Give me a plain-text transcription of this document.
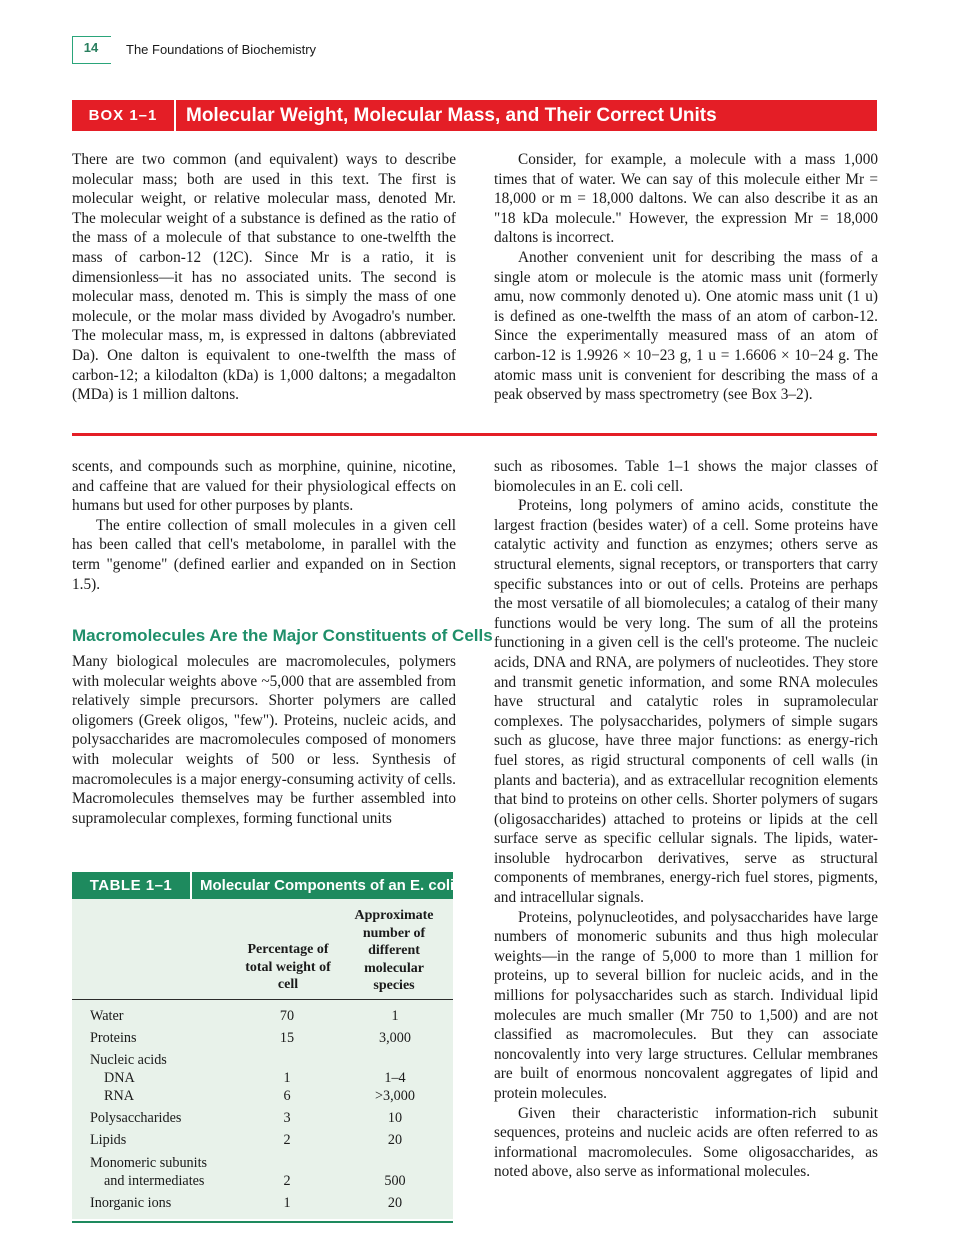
14	The Foundations of Biochemistry
BOX 1–1	Molecular Weight, Molecular Mass, and Their Correct Units

There are two common (and equivalent) ways to describe molecular mass; both are used in this text. The first is molecular weight, or relative molecular mass, denoted Mr. The molecular weight of a substance is defined as the ratio of the mass of a molecule of that substance to one-twelfth the mass of carbon-12 (12C). Since Mr is a ratio, it is dimensionless—it has no associated units. The second is molecular mass, denoted m. This is simply the mass of one molecule, or the molar mass divided by Avogadro's number. The molecular mass, m, is expressed in daltons (abbreviated Da). One dalton is equivalent to one-twelfth the mass of carbon-12; a kilodalton (kDa) is 1,000 daltons; a megadalton (MDa) is 1 million daltons.

Consider, for example, a molecule with a mass 1,000 times that of water. We can say of this molecule either Mr = 18,000 or m = 18,000 daltons. We can also describe it as an "18 kDa molecule." However, the expression Mr = 18,000 daltons is incorrect.

Another convenient unit for describing the mass of a single atom or molecule is the atomic mass unit (formerly amu, now commonly denoted u). One atomic mass unit (1 u) is defined as one-twelfth the mass of an atom of carbon-12. Since the experimentally measured mass of an atom of carbon-12 is 1.9926 × 10−23 g, 1 u = 1.6606 × 10−24 g. The atomic mass unit is convenient for describing the mass of a peak observed by mass spectrometry (see Box 3–2).

scents, and compounds such as morphine, quinine, nicotine, and caffeine that are valued for their physiological effects on humans but used for other purposes by plants.

The entire collection of small molecules in a given cell has been called that cell's metabolome, in parallel with the term "genome" (defined earlier and expanded on in Section 1.5).

Macromolecules Are the Major Constituents of Cells

Many biological molecules are macromolecules, polymers with molecular weights above ~5,000 that are assembled from relatively simple precursors. Shorter polymers are called oligomers (Greek oligos, "few"). Proteins, nucleic acids, and polysaccharides are macromolecules composed of monomers with molecular weights of 500 or less. Synthesis of macromolecules is a major energy-consuming activity of cells. Macromolecules themselves may be further assembled into supramolecular complexes, forming functional units

TABLE 1–1	Molecular Components of an E. coli Cell
Percentage of total weight of cell
Approximate number of different molecular species
Water	70	1
Proteins	15	3,000
Nucleic acids
DNA	1	1–4
RNA	6	>3,000
Polysaccharides	3	10
Lipids	2	20
Monomeric subunits
and intermediates	2	500
Inorganic ions	1	20

such as ribosomes. Table 1–1 shows the major classes of biomolecules in an E. coli cell.

Proteins, long polymers of amino acids, constitute the largest fraction (besides water) of a cell. Some proteins have catalytic activity and function as enzymes; others serve as structural elements, signal receptors, or transporters that carry specific substances into or out of cells. Proteins are perhaps the most versatile of all biomolecules; a catalog of their many functions would be very long. The sum of all the proteins functioning in a given cell is the cell's proteome. The nucleic acids, DNA and RNA, are polymers of nucleotides. They store and transmit genetic information, and some RNA molecules have structural and catalytic roles in supramolecular complexes. The polysaccharides, polymers of simple sugars such as glucose, have three major functions: as energy-rich fuel stores, as rigid structural components of cell walls (in plants and bacteria), and as extracellular recognition elements that bind to proteins on other cells. Shorter polymers of sugars (oligosaccharides) attached to proteins or lipids at the cell surface serve as specific cellular signals. The lipids, water-insoluble hydrocarbon derivatives, serve as structural components of membranes, energy-rich fuel stores, pigments, and intracellular signals.

Proteins, polynucleotides, and polysaccharides have large numbers of monomeric subunits and thus high molecular weights—in the range of 5,000 to more than 1 million for proteins, up to several billion for nucleic acids, and in the millions for polysaccharides such as starch. Individual lipid molecules are much smaller (Mr 750 to 1,500) and are not classified as macromolecules. But they can associate noncovalently into very large structures. Cellular membranes are built of enormous noncovalent aggregates of lipid and protein molecules.

Given their characteristic information-rich subunit sequences, proteins and nucleic acids are often referred to as informational macromolecules. Some oligosaccharides, as noted above, also serve as informational molecules.
